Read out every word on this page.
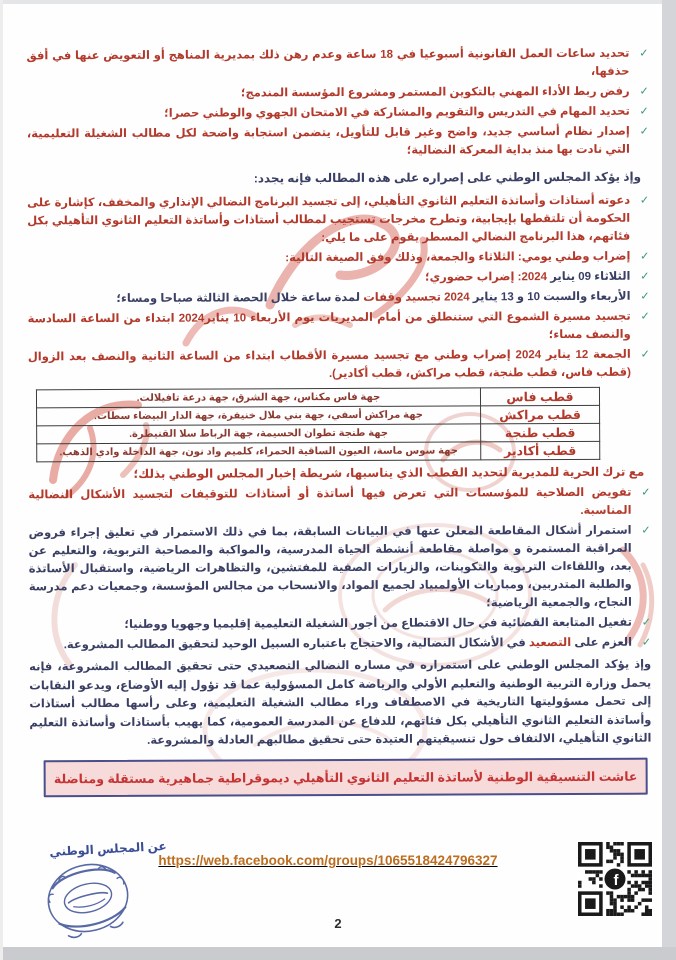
✓

تحديد ساعات العمل القانونية أسبوعيا في 18 ساعة وعدم رهن ذلك بمديرية المناهج أو التعويض عنها في أفق حذفها،

✓

رفض ربط الأداء المهني بالتكوين المستمر ومشروع المؤسسة المندمج؛

✓

تحديد المهام في التدريس والتقويم والمشاركة في الامتحان الجهوي والوطني حصرا؛

✓

إصدار نظام أساسي جديد، واضح وغير قابل للتأويل، يتضمن استجابة واضحة لكل مطالب الشغيلة التعليمية، التي نادت بها منذ بداية المعركة النضالية؛

وإذ يؤكد المجلس الوطني على إصراره على هذه المطالب فإنه يجدد:
✓

دعوته أستاذات وأساتذة التعليم الثانوي التأهيلي، إلى تجسيد البرنامج النضالي الإنذاري والمخفف، كإشارة على الحكومة أن تلتقطها بإيجابية، وتطرح مخرجات تستجيب لمطالب أستاذات وأساتذة التعليم الثانوي التأهيلي بكل فئاتهم، هذا البرنامج النضالي المسطر يقوم على ما يلي:

✓

إضراب وطني يومي: الثلاثاء والجمعة، وذلك وفق الصيغة التالية:

✓

الثلاثاء 09 يناير 2024: إضراب حضوري؛

✓

الأربعاء والسبت 10 و 13 يناير 2024 تجسيد وقفات لمدة ساعة خلال الحصة الثالثة صباحا ومساء؛

✓

تجسيد مسيرة الشموع التي ستنطلق من أمام المديريات يوم الأربعاء 10 يناير2024 ابتداء من الساعة السادسة والنصف مساء؛

✓

الجمعة 12 يناير 2024 إضراب وطني مع تجسيد مسيرة الأقطاب ابتداء من الساعة الثانية والنصف بعد الزوال (قطب فاس، قطب طنجة، قطب مراكش، قطب أكادير).

قطب فاس	جهة فاس مكناس، جهة الشرق، جهة درعة تافيلالت.
قطب مراكش	جهة مراكش أسفي، جهة بني ملال خنيفرة، جهة الدار البيضاء سطات.
قطب طنجة	جهة طنجة تطوان الحسيمة، جهة الرباط سلا القنيطرة.
قطب أكادير	جهة سوس ماسة، العيون الساقية الحمراء، كلميم واد نون، جهة الداخلة وادي الذهب.
مع ترك الحرية للمديرية لتحديد القطب الذي يناسبها، شريطة إخبار المجلس الوطني بذلك؛
✓

تفويض الصلاحية للمؤسسات التي تعرض فيها أساتذة أو أستاذات للتوقيفات لتجسيد الأشكال النضالية المناسبة.

✓

استمرار أشكال المقاطعة المعلن عنها في البيانات السابقة، بما في ذلك الاستمرار في تعليق إجراء فروض المراقبة المستمرة و مواصلة مقاطعة أنشطة الحياة المدرسية، والمواكبة والمصاحبة التربوية، والتعليم عن بعد، واللقاءات التربوية والتكوينات، والزيارات الصفية للمفتشين، والتظاهرات الرياضية، واستقبال الأساتذة والطلبة المتدربين، ومباريات الأولمبياد لجميع المواد، والانسحاب من مجالس المؤسسة، وجمعيات دعم مدرسة النجاح، والجمعية الرياضية؛

✓

تفعيل المتابعة القضائية في حال الاقتطاع من أجور الشغيلة التعليمية إقليميا وجهويا ووطنيا؛

✓

العزم على التصعيد في الأشكال النضالية، والاحتجاج باعتباره السبيل الوحيد لتحقيق المطالب المشروعة.

وإذ يؤكد المجلس الوطني على استمراره في مساره النضالي التصعيدي حتى تحقيق المطالب المشروعة، فإنه يحمل وزارة التربية الوطنية والتعليم الأولي والرياضة كامل المسؤولية عما قد تؤول إليه الأوضاع، ويدعو النقابات إلى تحمل مسؤوليتها التاريخية في الاصطفاف وراء مطالب الشغيلة التعليمية، وعلى رأسها مطالب أستاذات وأساتذة التعليم الثانوي التأهيلي بكل فئاتهم، للدفاع عن المدرسة العمومية، كما يهيب بأستاذات وأساتذة التعليم الثانوي التأهيلي، الالتفاف حول تنسيقيتهم العتيدة حتى تحقيق مطالبهم العادلة والمشروعة.

عاشت التنسيقية الوطنية لأساتذة التعليم الثانوي التأهيلي ديموقراطية جماهيرية مستقلة ومناضلة
عن المجلس الوطني
https://web.facebook.com/groups/1065518424796327
f
2
